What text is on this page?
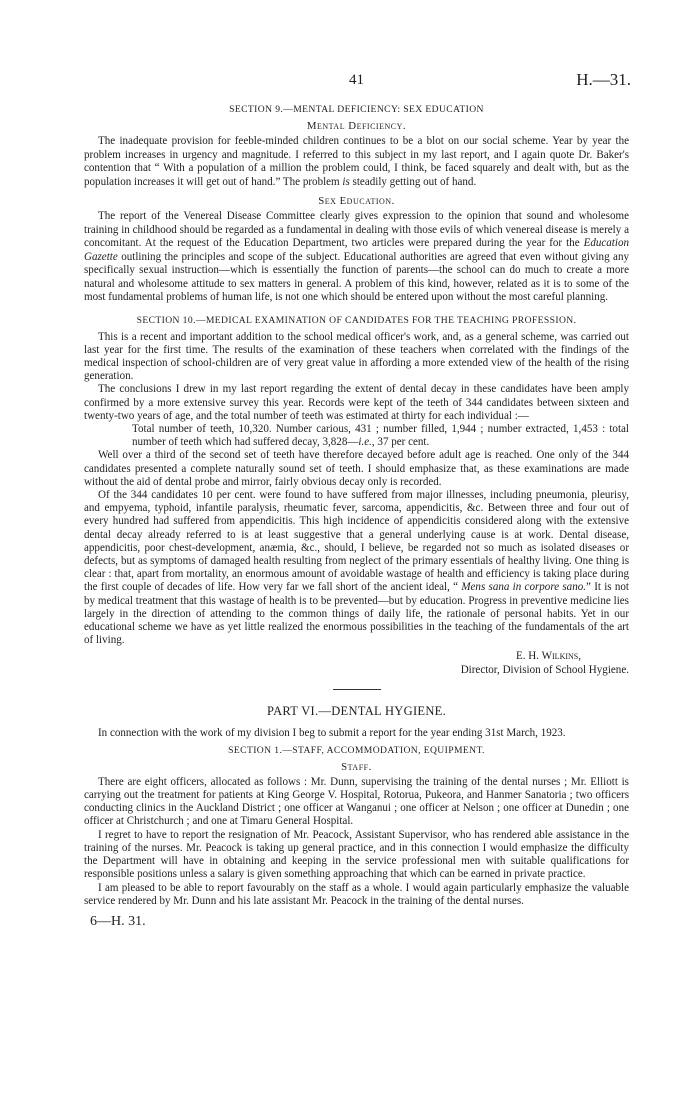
41	H.—31.
SECTION 9.—MENTAL DEFICIENCY: SEX EDUCATION
Mental Deficiency.

The inadequate provision for feeble-minded children continues to be a blot on our social scheme. Year by year the problem increases in urgency and magnitude. I referred to this subject in my last report, and I again quote Dr. Baker's contention that “ With a population of a million the problem could, I think, be faced squarely and dealt with, but as the population increases it will get out of hand.” The problem is steadily getting out of hand.

Sex Education.

The report of the Venereal Disease Committee clearly gives expression to the opinion that sound and wholesome training in childhood should be regarded as a fundamental in dealing with those evils of which venereal disease is merely a concomitant. At the request of the Education Department, two articles were prepared during the year for the Education Gazette outlining the principles and scope of the subject. Educational authorities are agreed that even without giving any specifically sexual instruction—which is essentially the function of parents—the school can do much to create a more natural and wholesome attitude to sex matters in general. A problem of this kind, however, related as it is to some of the most fundamental problems of human life, is not one which should be entered upon without the most careful planning.

SECTION 10.—MEDICAL EXAMINATION OF CANDIDATES FOR THE TEACHING PROFESSION.

This is a recent and important addition to the school medical officer's work, and, as a general scheme, was carried out last year for the first time. The results of the examination of these teachers when correlated with the findings of the medical inspection of school-children are of very great value in affording a more extended view of the health of the rising generation.

The conclusions I drew in my last report regarding the extent of dental decay in these candidates have been amply confirmed by a more extensive survey this year. Records were kept of the teeth of 344 candidates between sixteen and twenty-two years of age, and the total number of teeth was estimated at thirty for each individual :—

Total number of teeth, 10,320. Number carious, 431 ; number filled, 1,944 ; number extracted, 1,453 : total number of teeth which had suffered decay, 3,828—i.e., 37 per cent.

Well over a third of the second set of teeth have therefore decayed before adult age is reached. One only of the 344 candidates presented a complete naturally sound set of teeth. I should emphasize that, as these examinations are made without the aid of dental probe and mirror, fairly obvious decay only is recorded.

Of the 344 candidates 10 per cent. were found to have suffered from major illnesses, including pneumonia, pleurisy, and empyema, typhoid, infantile paralysis, rheumatic fever, sarcoma, appendicitis, &c. Between three and four out of every hundred had suffered from appendicitis. This high incidence of appendicitis considered along with the extensive dental decay already referred to is at least suggestive that a general underlying cause is at work. Dental disease, appendicitis, poor chest-development, anæmia, &c., should, I believe, be regarded not so much as isolated diseases or defects, but as symptoms of damaged health resulting from neglect of the primary essentials of healthy living. One thing is clear : that, apart from mortality, an enormous amount of avoidable wastage of health and efficiency is taking place during the first couple of decades of life. How very far we fall short of the ancient ideal, “ Mens sana in corpore sano.” It is not by medical treatment that this wastage of health is to be prevented—but by education. Progress in preventive medicine lies largely in the direction of attending to the common things of daily life, the rationale of personal habits. Yet in our educational scheme we have as yet little realized the enormous possibilities in the teaching of the fundamentals of the art of living.

E. H. Wilkins,
Director, Division of School Hygiene.
PART VI.—DENTAL HYGIENE.

In connection with the work of my division I beg to submit a report for the year ending 31st March, 1923.

SECTION 1.—STAFF, ACCOMMODATION, EQUIPMENT.
Staff.

There are eight officers, allocated as follows : Mr. Dunn, supervising the training of the dental nurses ; Mr. Elliott is carrying out the treatment for patients at King George V. Hospital, Rotorua, Pukeora, and Hanmer Sanatoria ; two officers conducting clinics in the Auckland District ; one officer at Wanganui ; one officer at Nelson ; one officer at Dunedin ; one officer at Christchurch ; and one at Timaru General Hospital.

I regret to have to report the resignation of Mr. Peacock, Assistant Supervisor, who has rendered able assistance in the training of the nurses. Mr. Peacock is taking up general practice, and in this connection I would emphasize the difficulty the Department will have in obtaining and keeping in the service professional men with suitable qualifications for responsible positions unless a salary is given something approaching that which can be earned in private practice.

I am pleased to be able to report favourably on the staff as a whole. I would again particularly emphasize the valuable service rendered by Mr. Dunn and his late assistant Mr. Peacock in the training of the dental nurses.

6—H. 31.
